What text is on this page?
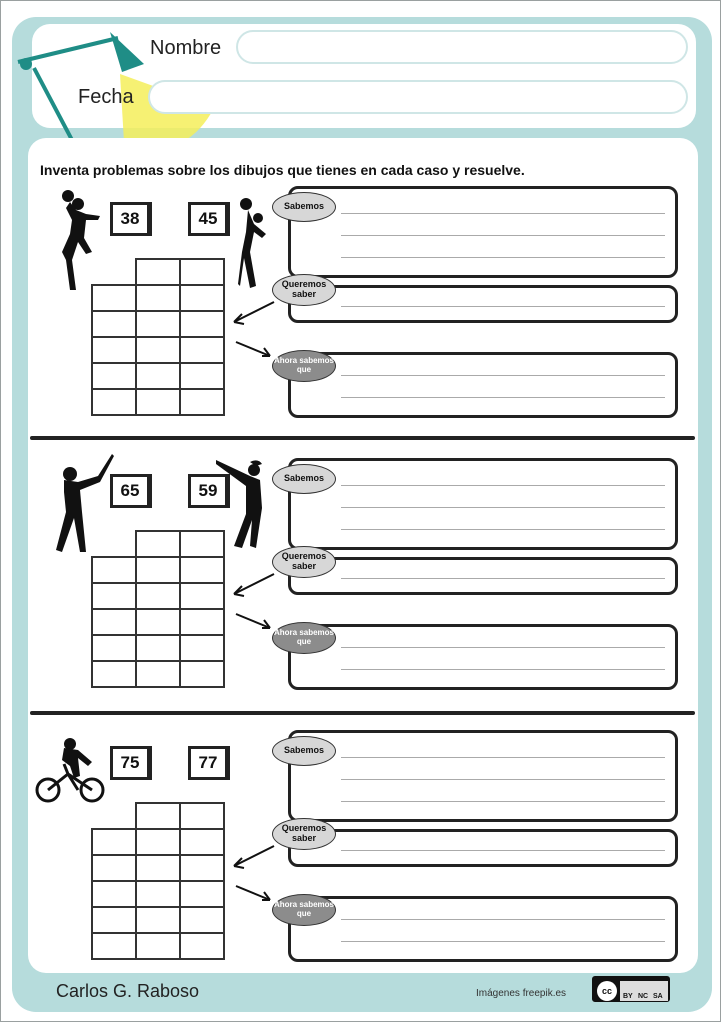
Nombre
Fecha
Inventa problemas sobre los dibujos que tienes en cada caso y resuelve.
38	45

Sabemos
Queremos saber
Ahora sabemos que
65	59

Sabemos
Queremos saber
Ahora sabemos que
75	77

Sabemos
Queremos saber
Ahora sabemos que
Carlos G. Raboso	Imágenes freepik.es	cc
BY NC SA
